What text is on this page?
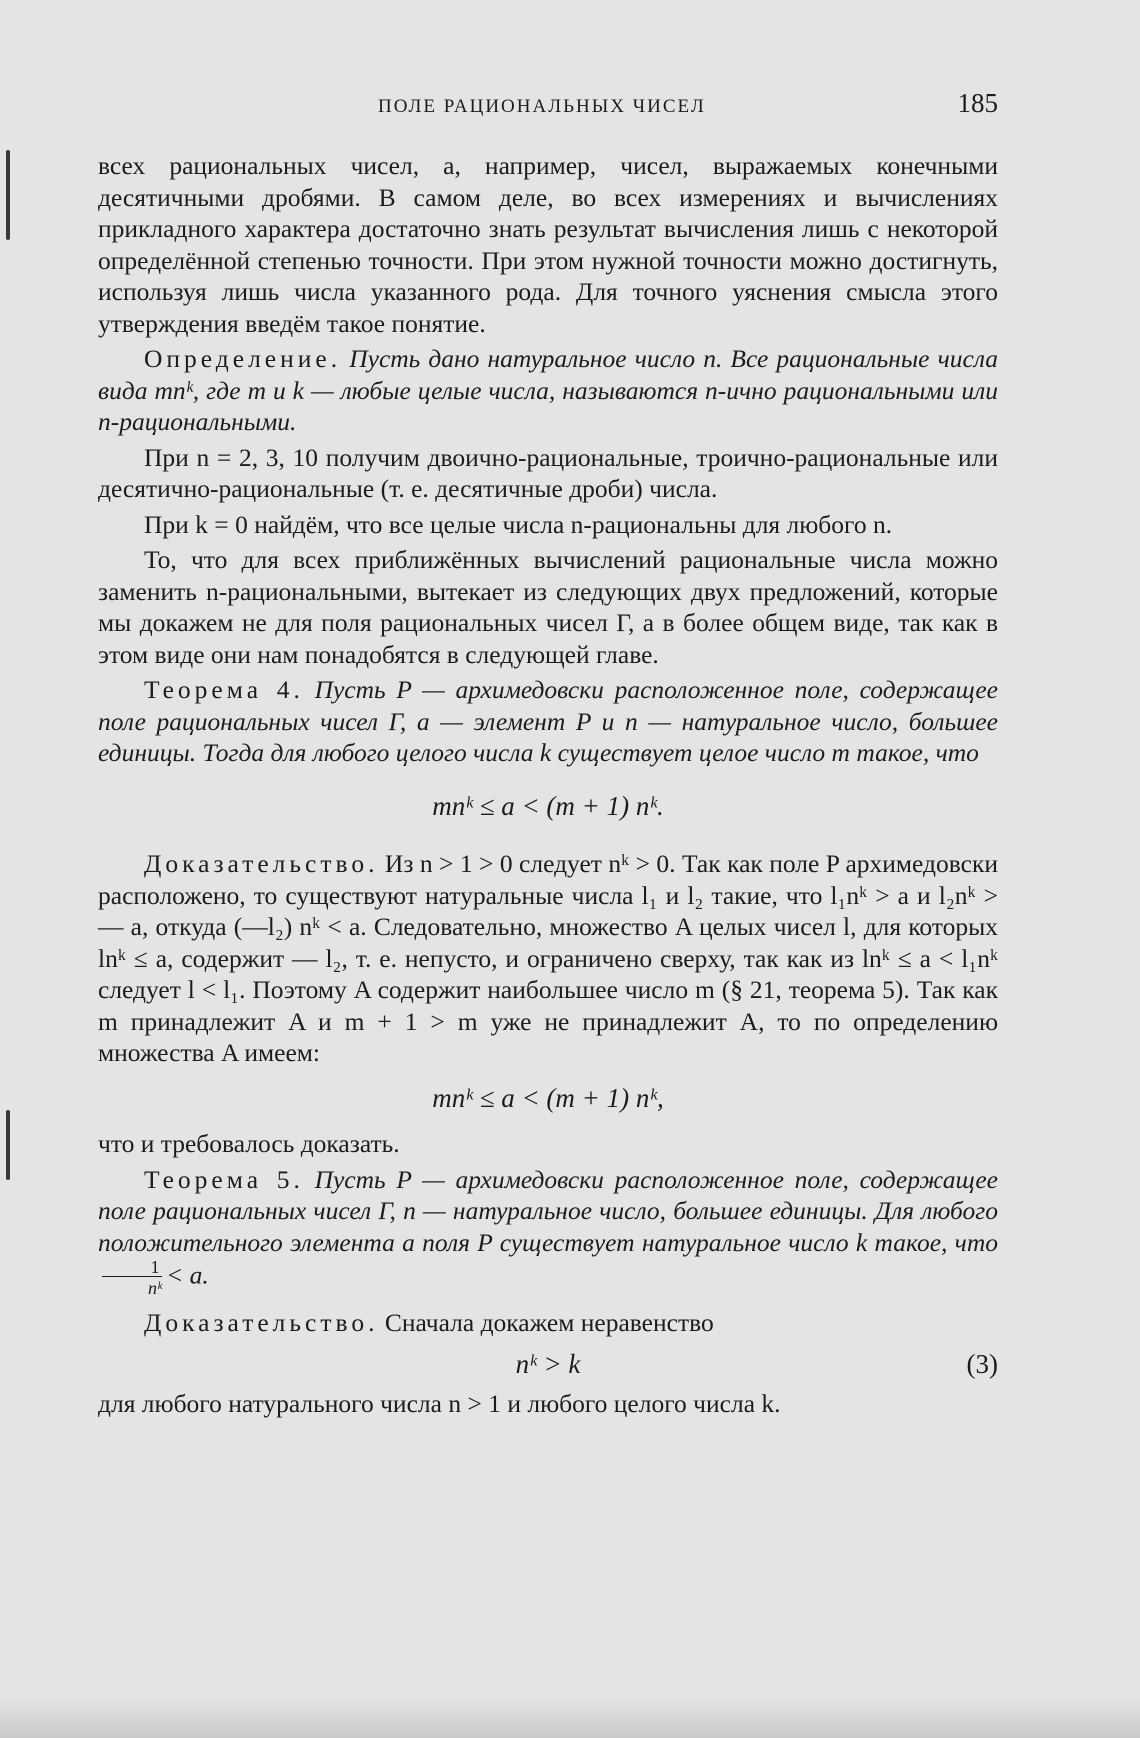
ПОЛЕ РАЦИОНАЛЬНЫХ ЧИСЕЛ	185

всех рациональных чисел, а, например, чисел, выражаемых конечными десятичными дробями. В самом деле, во всех измерениях и вычислениях прикладного характера достаточно знать результат вычисления лишь с некоторой определённой степенью точности. При этом нужной точности можно достигнуть, используя лишь числа указанного рода. Для точного уяснения смысла этого утверждения введём такое понятие.

Определение. Пусть дано натуральное число n. Все рациональные числа вида mnᵏ, где m и k — любые целые числа, называются n-ично рациональными или n-рациональными.

При n = 2, 3, 10 получим двоично-рациональные, троично-рациональные или десятично-рациональные (т. е. десятичные дроби) числа.

При k = 0 найдём, что все целые числа n-рациональны для любого n.

То, что для всех приближённых вычислений рациональные числа можно заменить n-рациональными, вытекает из следующих двух предложений, которые мы докажем не для поля рациональных чисел Γ, а в более общем виде, так как в этом виде они нам понадобятся в следующей главе.

Теорема 4. Пусть P — архимедовски расположенное поле, содержащее поле рациональных чисел Γ, a — элемент P и n — натуральное число, большее единицы. Тогда для любого целого числа k существует целое число m такое, что

mnᵏ ≤ a < (m + 1) nᵏ.

Доказательство. Из n > 1 > 0 следует nᵏ > 0. Так как поле P архимедовски расположено, то существуют натуральные числа l₁ и l₂ такие, что l₁nᵏ > a и l₂nᵏ > — a, откуда (—l₂) nᵏ < a. Следовательно, множество A целых чисел l, для которых lnᵏ ≤ a, содержит — l₂, т. е. непусто, и ограничено сверху, так как из lnᵏ ≤ a < l₁nᵏ следует l < l₁. Поэтому A содержит наибольшее число m (§ 21, теорема 5). Так как m принадлежит A и m + 1 > m уже не принадлежит A, то по определению множества A имеем:

mnᵏ ≤ a < (m + 1) nᵏ,

что и требовалось доказать.

Теорема 5. Пусть P — архимедовски расположенное поле, содержащее поле рациональных чисел Γ, n — натуральное число, большее единицы. Для любого положительного элемента a поля P существует натуральное число k такое, что
$\frac{1}{\text{nᵏ}} < a$.

Доказательство. Сначала докажем неравенство

nᵏ > k	(3)

для любого натурального числа n > 1 и любого целого числа k.
